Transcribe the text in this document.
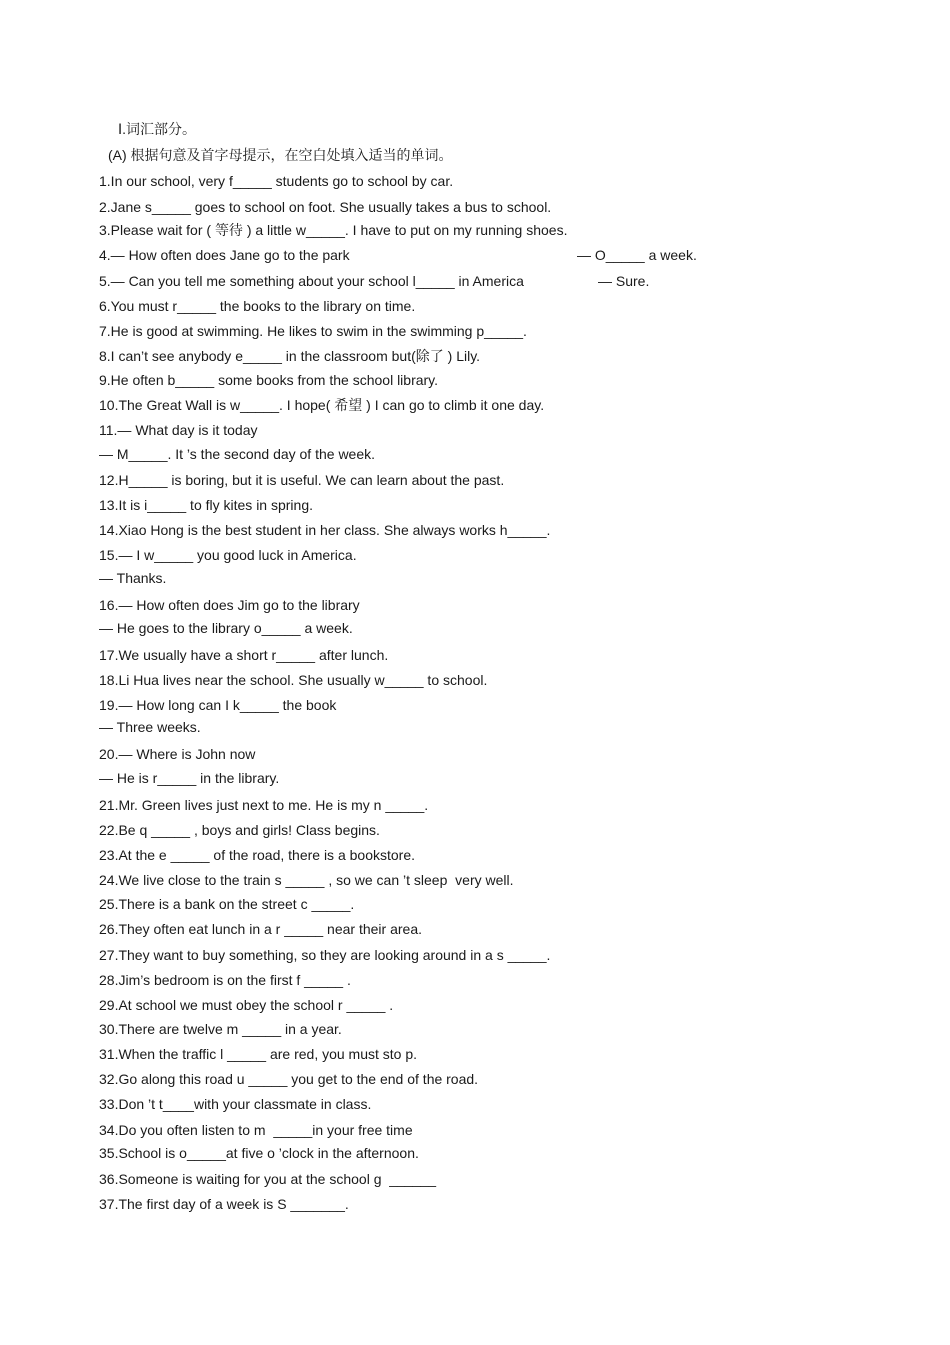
Ⅰ.词汇部分。
(A) 根据句意及首字母提示，在空白处填入适当的单词。
1.In our school, very f_____ students go to school by car.
2.Jane s_____ goes to school on foot. She usually takes a bus to school.
3.Please wait for ( 等待 ) a little w_____. I have to put on my running shoes.
4.— How often does Jane go to the park	— O_____ a week.
5.— Can you tell me something about your school l_____ in America	— Sure.
6.You must r_____ the books to the library on time.
7.He is good at swimming. He likes to swim in the swimming p_____.
8.I can’t see anybody e_____ in the classroom but(除了 ) Lily.
9.He often b_____ some books from the school library.
10.The Great Wall is w_____. I hope( 希望 ) I can go to climb it one day.
11.— What day is it today
— M_____. It ’s the second day of the week.
12.H_____ is boring, but it is useful. We can learn about the past.
13.It is i_____ to fly kites in spring.
14.Xiao Hong is the best student in her class. She always works h_____.
15.— I w_____ you good luck in America.
— Thanks.
16.— How often does Jim go to the library
— He goes to the library o_____ a week.
17.We usually have a short r_____ after lunch.
18.Li Hua lives near the school. She usually w_____ to school.
19.— How long can I k_____ the book
— Three weeks.
20.— Where is John now
— He is r_____ in the library.
21.Mr. Green lives just next to me. He is my n _____.
22.Be q _____ , boys and girls! Class begins.
23.At the e _____ of the road, there is a bookstore.
24.We live close to the train s _____ , so we can ’t sleep  very well.
25.There is a bank on the street c _____.
26.They often eat lunch in a r _____ near their area.
27.They want to buy something, so they are looking around in a s _____.
28.Jim’s bedroom is on the first f _____ .
29.At school we must obey the school r _____ .
30.There are twelve m _____ in a year.
31.When the traffic l _____ are red, you must sto p.
32.Go along this road u _____ you get to the end of the road.
33.Don ’t t____with your classmate in class.
34.Do you often listen to m  _____in your free time
35.School is o_____at five o ’clock in the afternoon.
36.Someone is waiting for you at the school g  ______
37.The first day of a week is S _______.
